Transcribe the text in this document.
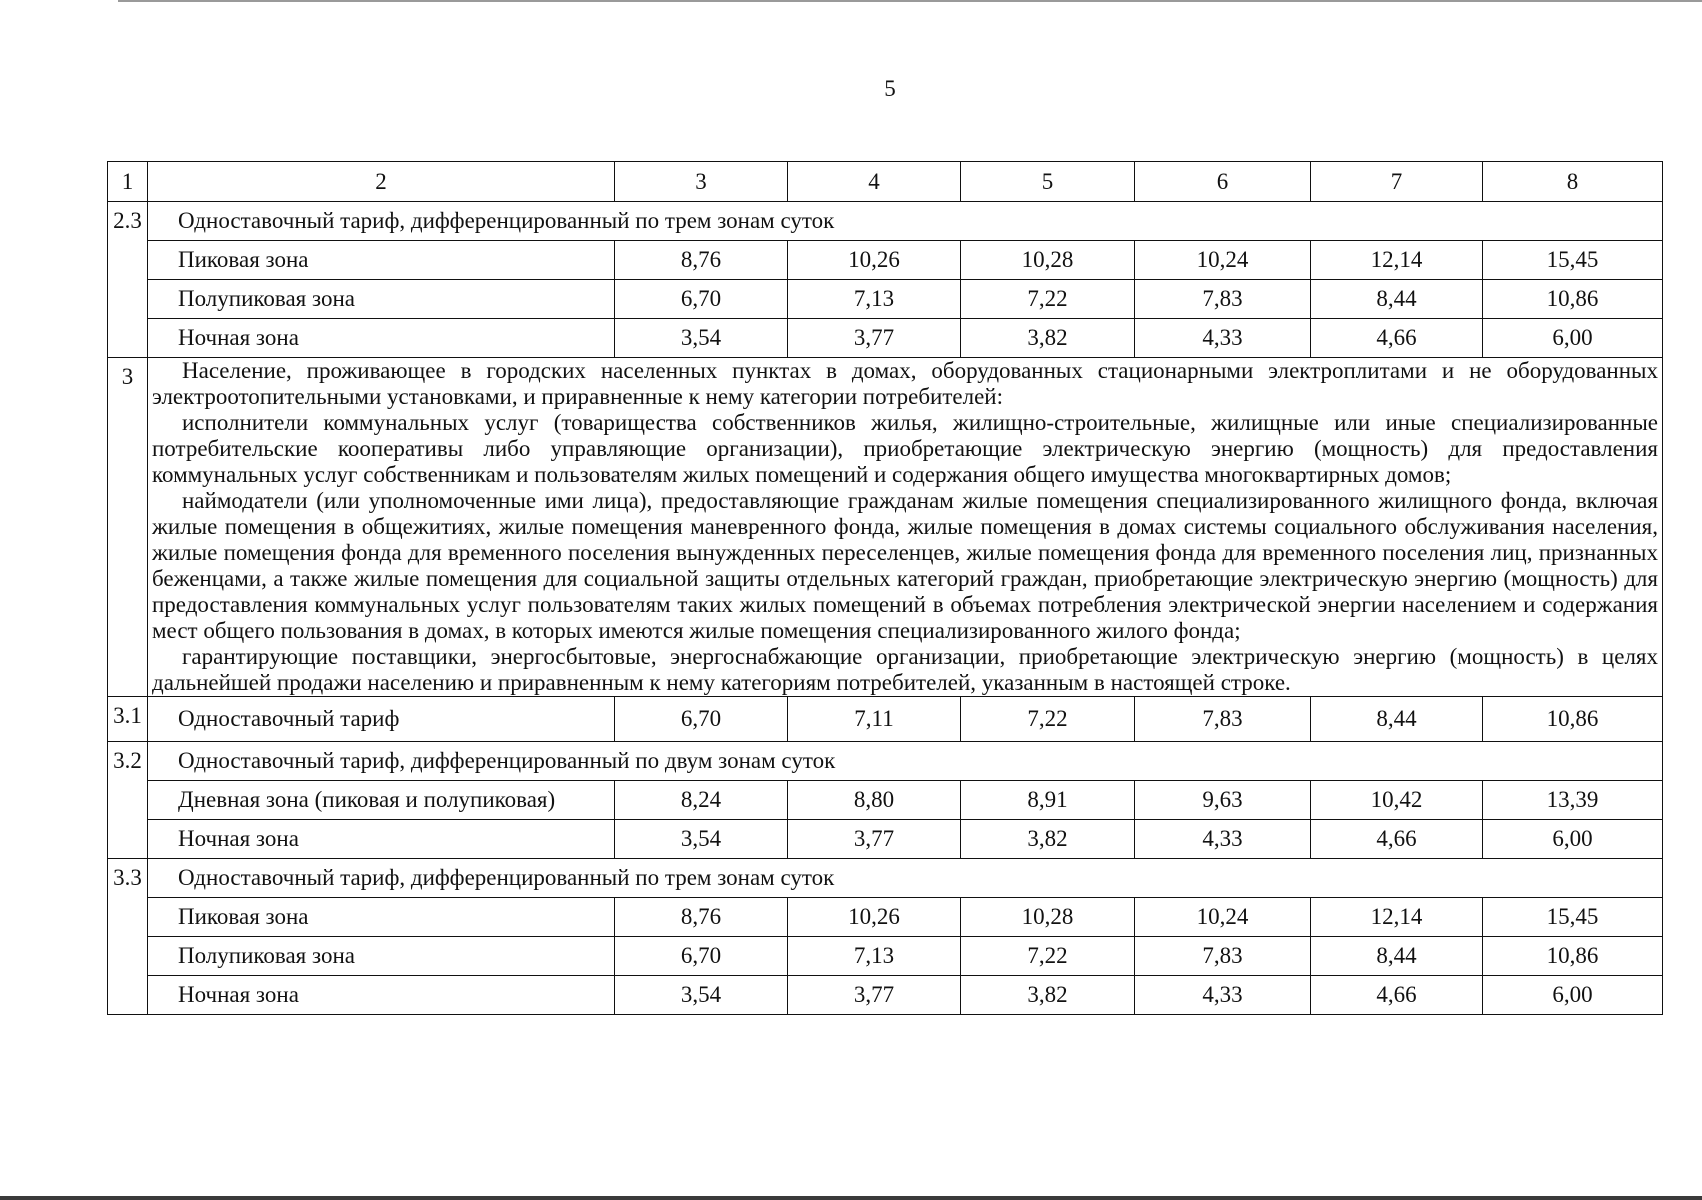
5
1	2	3	4	5	6	7	8
2.3	Одноставочный тариф, дифференцированный по трем зонам суток						
	Пиковая зона	8,76	10,26	10,28	10,24	12,14	15,45
	Полупиковая зона	6,70	7,13	7,22	7,83	8,44	10,86
	Ночная зона	3,54	3,77	3,82	4,33	4,66	6,00
3	Население, проживающее в городских населенных пунктах в домах, оборудованных стационарными электроплитами и не оборудованных электроотопительными установками, и приравненные к нему категории потребителей:

исполнители коммунальных услуг (товарищества собственников жилья, жилищно-строительные, жилищные или иные специализированные потребительские кооперативы либо управляющие организации), приобретающие электрическую энергию (мощность) для предоставления коммунальных услуг собственникам и пользователям жилых помещений и содержания общего имущества многоквартирных домов;

наймодатели (или уполномоченные ими лица), предоставляющие гражданам жилые помещения специализированного жилищного фонда, включая жилые помещения в общежитиях, жилые помещения маневренного фонда, жилые помещения в домах системы социального обслуживания населения, жилые помещения фонда для временного поселения вынужденных переселенцев, жилые помещения фонда для временного поселения лиц, признанных беженцами, а также жилые помещения для социальной защиты отдельных категорий граждан, приобретающие электрическую энергию (мощность) для предоставления коммунальных услуг пользователям таких жилых помещений в объемах потребления электрической энергии населением и содержания мест общего пользования в домах, в которых имеются жилые помещения специализированного жилого фонда;

гарантирующие поставщики, энергосбытовые, энергоснабжающие организации, приобретающие электрическую энергию (мощность) в целях дальнейшей продажи населению и приравненным к нему категориям потребителей, указанным в настоящей строке.						

3.1	Одноставочный тариф	6,70	7,11	7,22	7,83	8,44	10,86
3.2	Одноставочный тариф, дифференцированный по двум зонам суток						
	Дневная зона (пиковая и полупиковая)	8,24	8,80	8,91	9,63	10,42	13,39
	Ночная зона	3,54	3,77	3,82	4,33	4,66	6,00
3.3	Одноставочный тариф, дифференцированный по трем зонам суток						
	Пиковая зона	8,76	10,26	10,28	10,24	12,14	15,45
	Полупиковая зона	6,70	7,13	7,22	7,83	8,44	10,86
	Ночная зона	3,54	3,77	3,82	4,33	4,66	6,00
